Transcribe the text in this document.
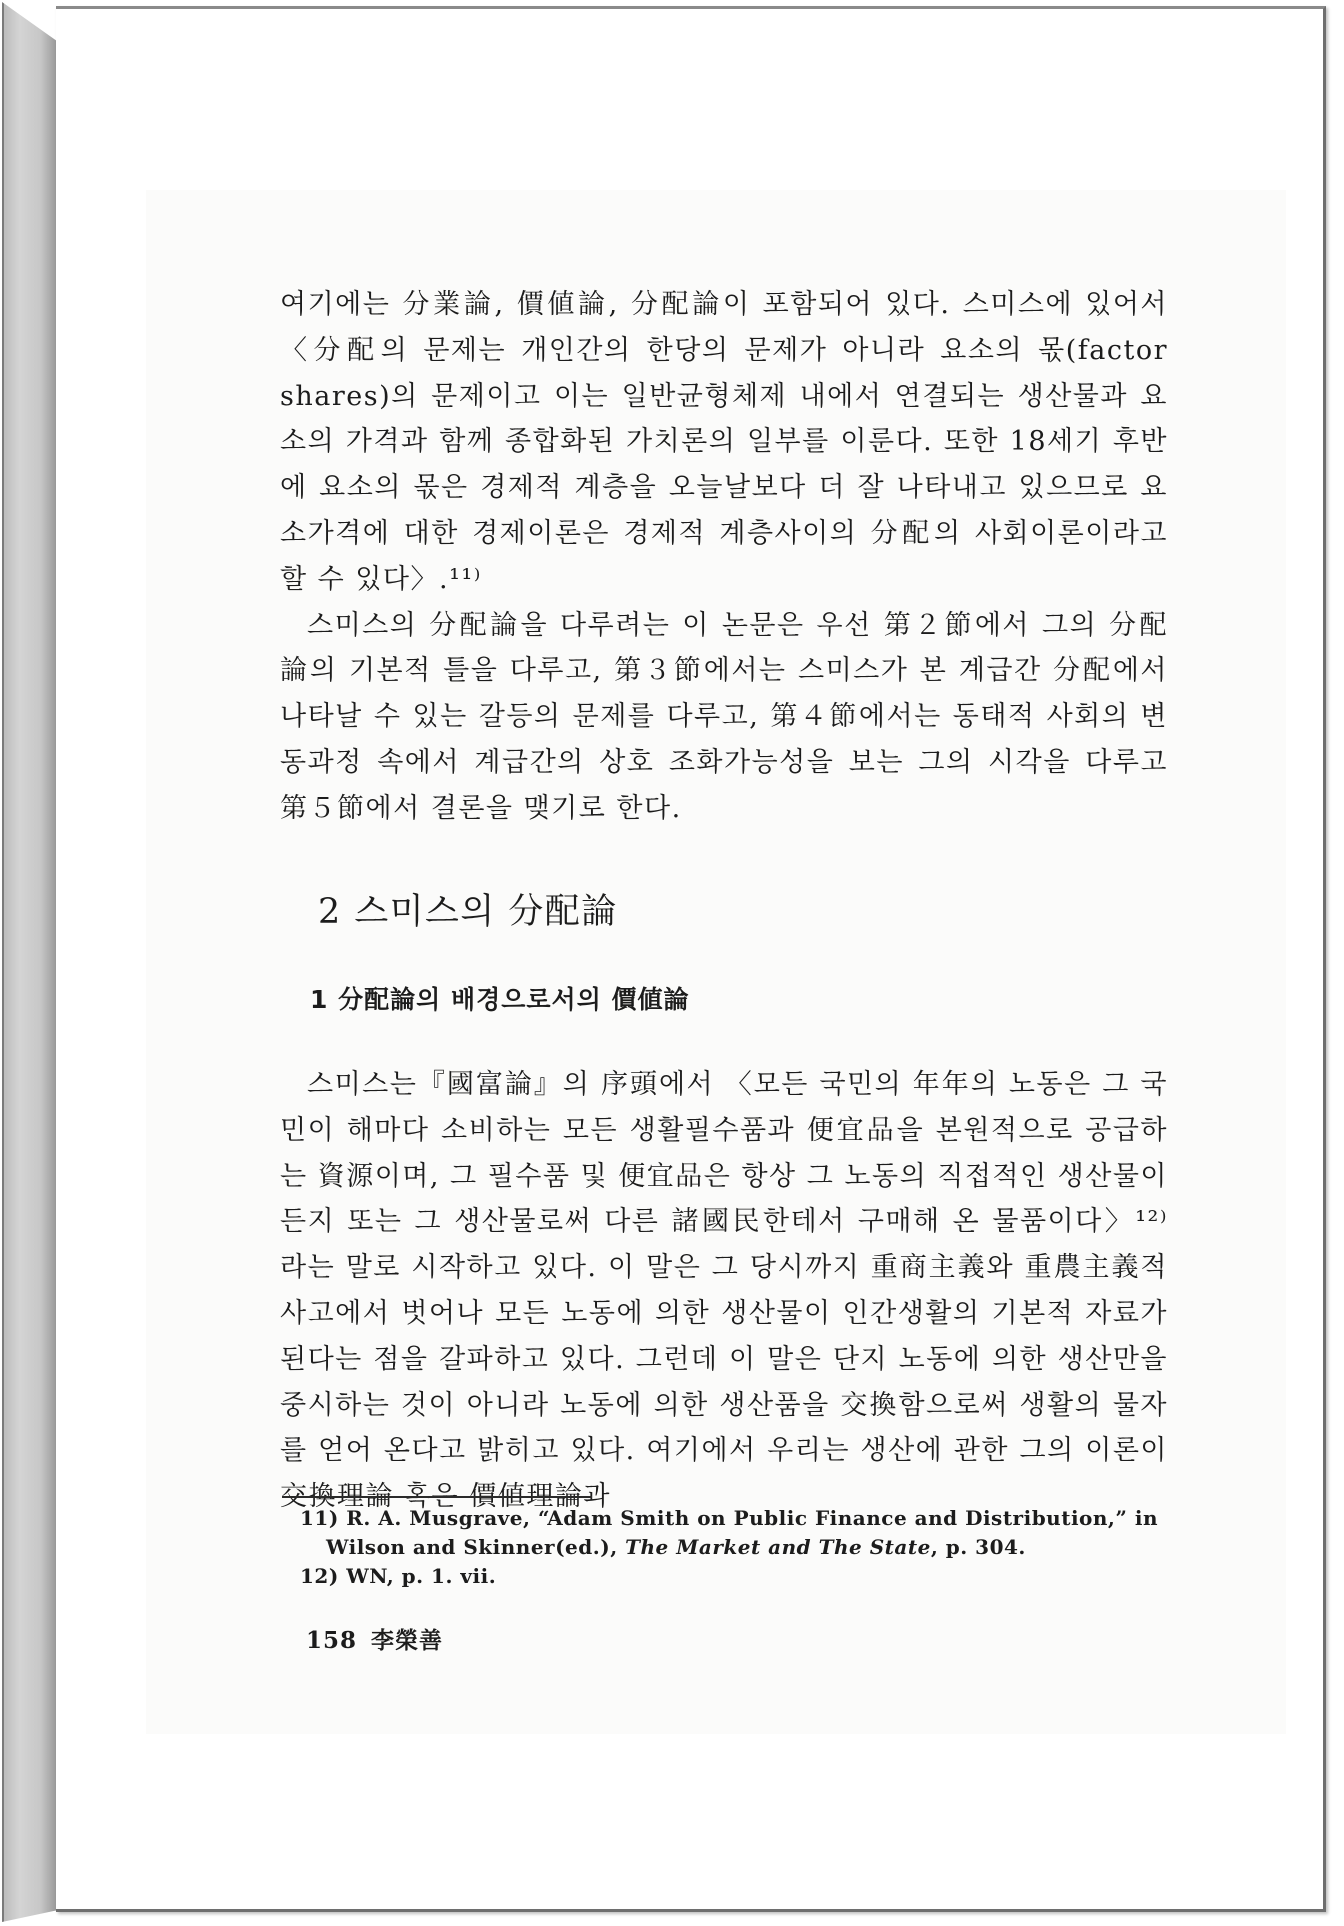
여기에는 分業論, 價値論, 分配論이 포함되어 있다. 스미스에 있어서 〈分配의 문제는 개인간의 한당의 문제가 아니라 요소의 몫(factor shares)의 문제이고 이는 일반균형체제 내에서 연결되는 생산물과 요소의 가격과 함께 종합화된 가치론의 일부를 이룬다. 또한 18세기 후반에 요소의 몫은 경제적 계층을 오늘날보다 더 잘 나타내고 있으므로 요소가격에 대한 경제이론은 경제적 계층사이의 分配의 사회이론이라고 할 수 있다〉.¹¹⁾

스미스의 分配論을 다루려는 이 논문은 우선 第２節에서 그의 分配論의 기본적 틀을 다루고, 第３節에서는 스미스가 본 계급간 分配에서 나타날 수 있는 갈등의 문제를 다루고, 第４節에서는 동태적 사회의 변동과정 속에서 계급간의 상호 조화가능성을 보는 그의 시각을 다루고 第５節에서 결론을 맺기로 한다.

2 스미스의 分配論
1 分配論의 배경으로서의 價値論

스미스는『國富論』의 序頭에서 〈모든 국민의 年年의 노동은 그 국민이 해마다 소비하는 모든 생활필수품과 便宜品을 본원적으로 공급하는 資源이며, 그 필수품 및 便宜品은 항상 그 노동의 직접적인 생산물이든지 또는 그 생산물로써 다른 諸國民한테서 구매해 온 물품이다〉¹²⁾라는 말로 시작하고 있다. 이 말은 그 당시까지 重商主義와 重農主義적 사고에서 벗어나 모든 노동에 의한 생산물이 인간생활의 기본적 자료가 된다는 점을 갈파하고 있다. 그런데 이 말은 단지 노동에 의한 생산만을 중시하는 것이 아니라 노동에 의한 생산품을 交換함으로써 생활의 물자를 얻어 온다고 밝히고 있다. 여기에서 우리는 생산에 관한 그의 이론이 交換理論 혹은 價値理論과

11) R. A. Musgrave, “Adam Smith on Public Finance and Distribution,” in
Wilson and Skinner(ed.), The Market and The State, p. 304.

12) WN, p. 1. vii.

158 李榮善
